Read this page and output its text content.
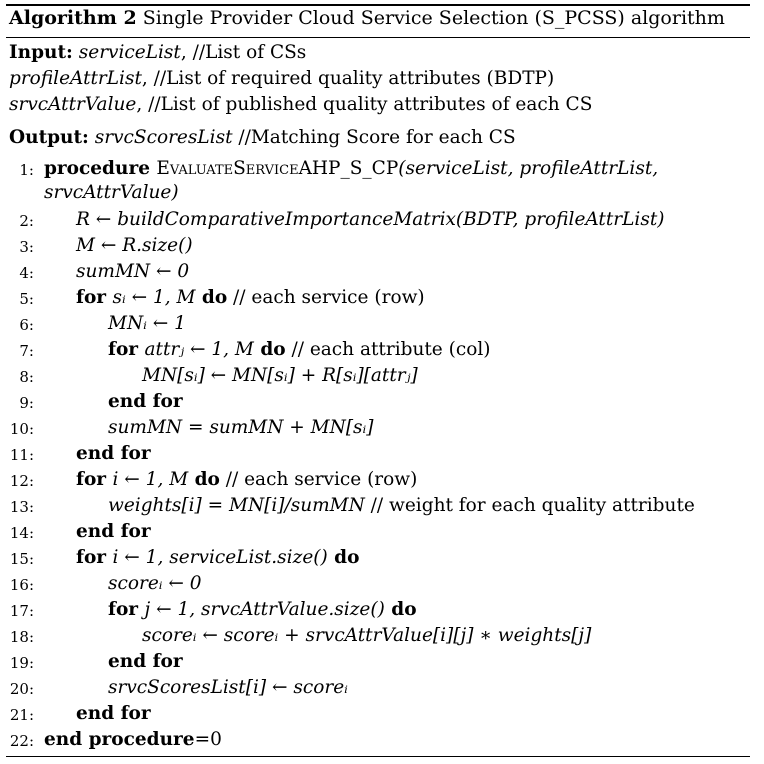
Algorithm 2 Single Provider Cloud Service Selection (S_PCSS) algorithm
Input: serviceList, //List of CSs
profileAttrList, //List of required quality attributes (BDTP)
srvcAttrValue, //List of published quality attributes of each CS
Output: srvcScoresList //Matching Score for each CS
1: procedure EvaluateServiceAHP_S_CP(serviceList, profileAttrList,
srvcAttrValue)
2: R ← buildComparativeImportanceMatrix(BDTP, profileAttrList)
3: M ← R.size()
4: sumMN ← 0
5: for sᵢ ← 1, M do // each service (row)
6:	MNᵢ ← 1
7:	for attrⱼ ← 1, M do // each attribute (col)
8:	MN[sᵢ] ← MN[sᵢ] + R[sᵢ][attrⱼ]
9:	end for
10:	sumMN = sumMN + MN[sᵢ]
11: end for
12: for i ← 1, M do // each service (row)
13:	weights[i] = MN[i]/sumMN // weight for each quality attribute
14: end for
15: for i ← 1, serviceList.size() do
16:	scoreᵢ ← 0
17:	for j ← 1, srvcAttrValue.size() do
18:	scoreᵢ ← scoreᵢ + srvcAttrValue[i][j] ∗ weights[j]
19:	end for
20:	srvcScoresList[i] ← scoreᵢ
21: end for
22: end procedure=0
